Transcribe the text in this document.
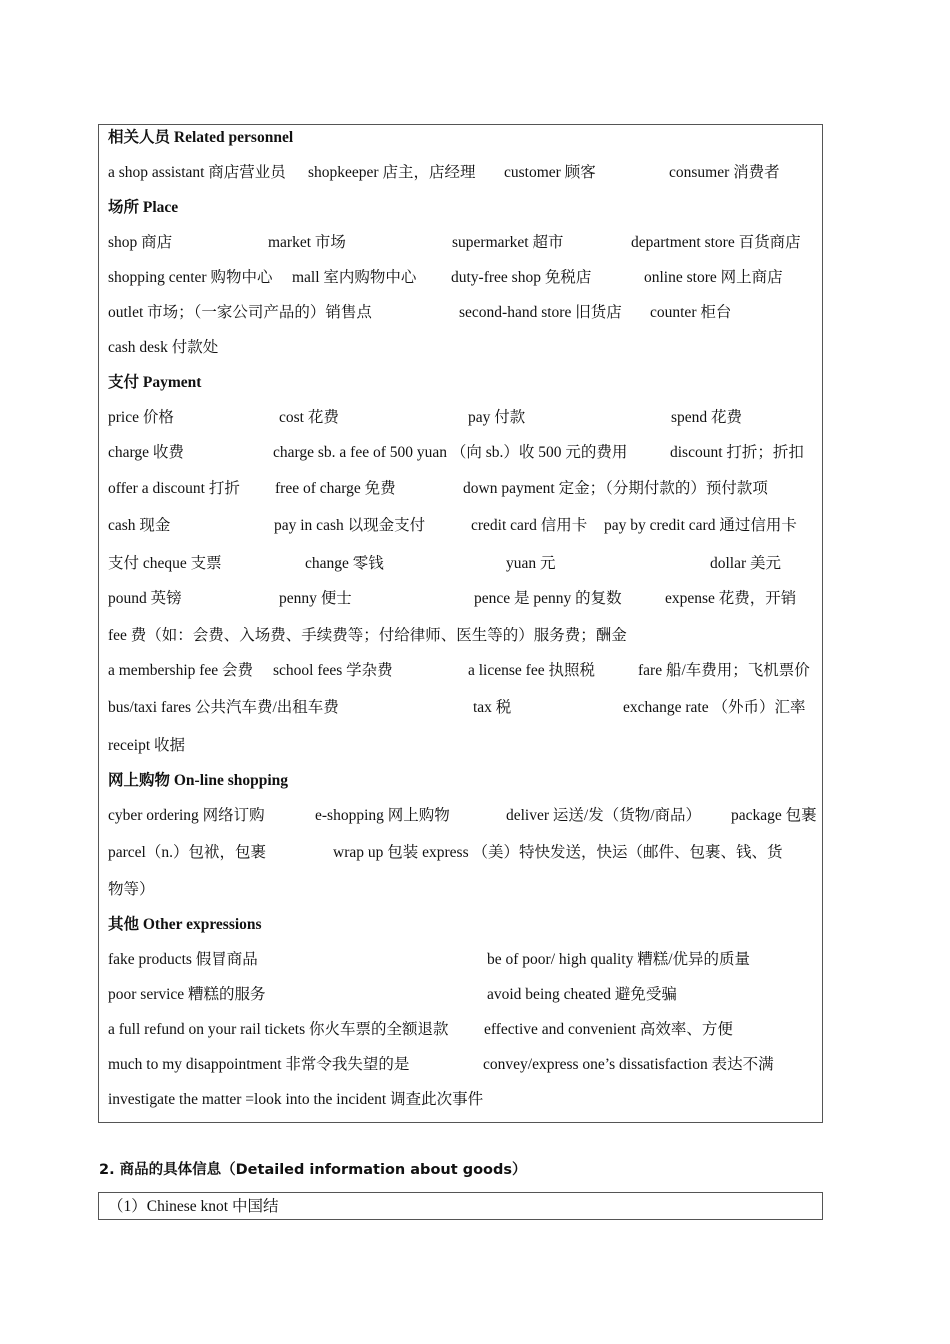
相关人员 Related personnel
a shop assistant 商店营业员 shopkeeper 店主，店经理 customer 顾客	consumer 消费者
场所 Place
shop 商店	market 市场	supermarket 超市	department store 百货商店
shopping center 购物中心 mall 室内购物中心 duty-free shop 免税店	online store 网上商店
outlet 市场；（一家公司产品的）销售点	second-hand store 旧货店 counter 柜台
cash desk 付款处
支付 Payment
price 价格	cost 花费	pay 付款	spend 花费
charge 收费	charge sb. a fee of 500 yuan （向 sb.）收 500 元的费用	discount 打折；折扣
offer a discount 打折 free of charge 免费	down payment 定金；（分期付款的）预付款项
cash 现金	pay in cash 以现金支付	credit card 信用卡 pay by credit card 通过信用卡
支付 cheque 支票	change 零钱	yuan 元	dollar 美元
pound 英镑	penny 便士	pence 是 penny 的复数	expense 花费，开销
fee 费（如：会费、入场费、手续费等；付给律师、医生等的）服务费；酬金
a membership fee 会费 school fees 学杂费	a license fee 执照税	fare 船/车费用；飞机票价
bus/taxi fares 公共汽车费/出租车费	tax 税	exchange rate （外币）汇率
receipt 收据
网上购物 On-line shopping
cyber ordering 网络订购	e-shopping 网上购物	deliver 运送/发（货物/商品） package 包裹
parcel（n.）包袱，包裹	wrap up 包装 express （美）特快发送，快运（邮件、包裹、钱、货
物等）
其他 Other expressions
fake products 假冒商品	be of poor/ high quality 糟糕/优异的质量
poor service 糟糕的服务	avoid being cheated 避免受骗
a full refund on your rail tickets 你火车票的全额退款 effective and convenient 高效率、方便
much to my disappointment 非常令我失望的是	convey/express one’s dissatisfaction 表达不满
investigate the matter =look into the incident 调查此次事件
2. 商品的具体信息（Detailed information about goods）
（1）Chinese knot 中国结
